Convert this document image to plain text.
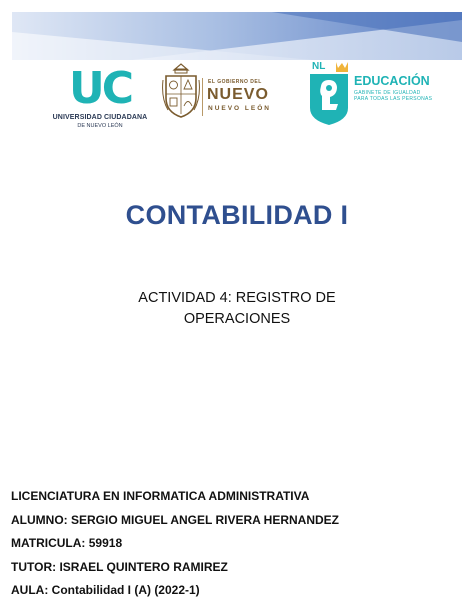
UC
UNIVERSIDAD CIUDADANA
DE NUEVO LEÓN
EL GOBIERNO DEL
NUEVO
NUEVO LEÓN
NL
EDUCACIÓN
GABINETE DE IGUALDAD
PARA TODAS LAS PERSONAS
CONTABILIDAD I
ACTIVIDAD 4: REGISTRO DE
OPERACIONES
LICENCIATURA EN INFORMATICA ADMINISTRATIVA
ALUMNO: SERGIO MIGUEL ANGEL RIVERA HERNANDEZ
MATRICULA: 59918
TUTOR: ISRAEL QUINTERO RAMIREZ
AULA: Contabilidad I (A) (2022-1)
